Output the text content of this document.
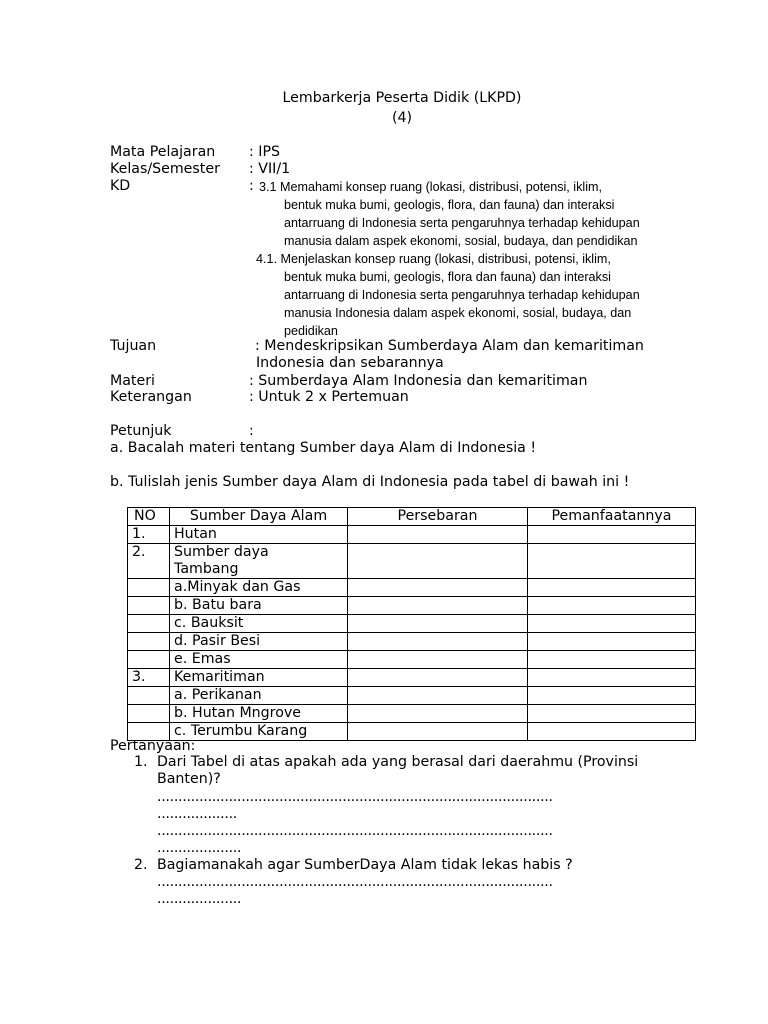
Lembarkerja Peserta Didik (LKPD)
(4)
Mata Pelajaran : IPS
Kelas/Semester : VII/1
KD	: 3.1 Memahami konsep ruang (lokasi, distribusi, potensi, iklim,
bentuk muka bumi, geologis, flora, dan fauna) dan interaksi
antarruang di Indonesia serta pengaruhnya terhadap kehidupan
manusia dalam aspek ekonomi, sosial, budaya, dan pendidikan
4.1. Menjelaskan konsep ruang (lokasi, distribusi, potensi, iklim,
bentuk muka bumi, geologis, flora dan fauna) dan interaksi
antarruang di Indonesia serta pengaruhnya terhadap kehidupan
manusia Indonesia dalam aspek ekonomi, sosial, budaya, dan
pedidikan
Tujuan	: Mendeskripsikan Sumberdaya Alam dan kemaritiman
Indonesia dan sebarannya
Materi	: Sumberdaya Alam Indonesia dan kemaritiman
Keterangan	: Untuk 2 x Pertemuan
Petunjuk	:
a. Bacalah materi tentang Sumber daya Alam di Indonesia !
b. Tulislah jenis Sumber daya Alam di Indonesia pada tabel di bawah ini !
NO	Sumber Daya Alam	Persebaran	Pemanfaatannya
1.	Hutan		
2.	Sumber daya Tambang		
	a.Minyak dan Gas		
	b. Batu bara		
	c. Bauksit		
	d. Pasir Besi		
	e. Emas		
3.	Kemaritiman		
	a. Perikanan		
	b. Hutan Mngrove		
	c. Terumbu Karang		
Pertanyaan:
1. Dari Tabel di atas apakah ada yang berasal dari daerahmu (Provinsi
Banten)?
..............................................................................................
...................
..............................................................................................
....................
2. Bagiamanakah agar SumberDaya Alam tidak lekas habis ?
..............................................................................................
....................
